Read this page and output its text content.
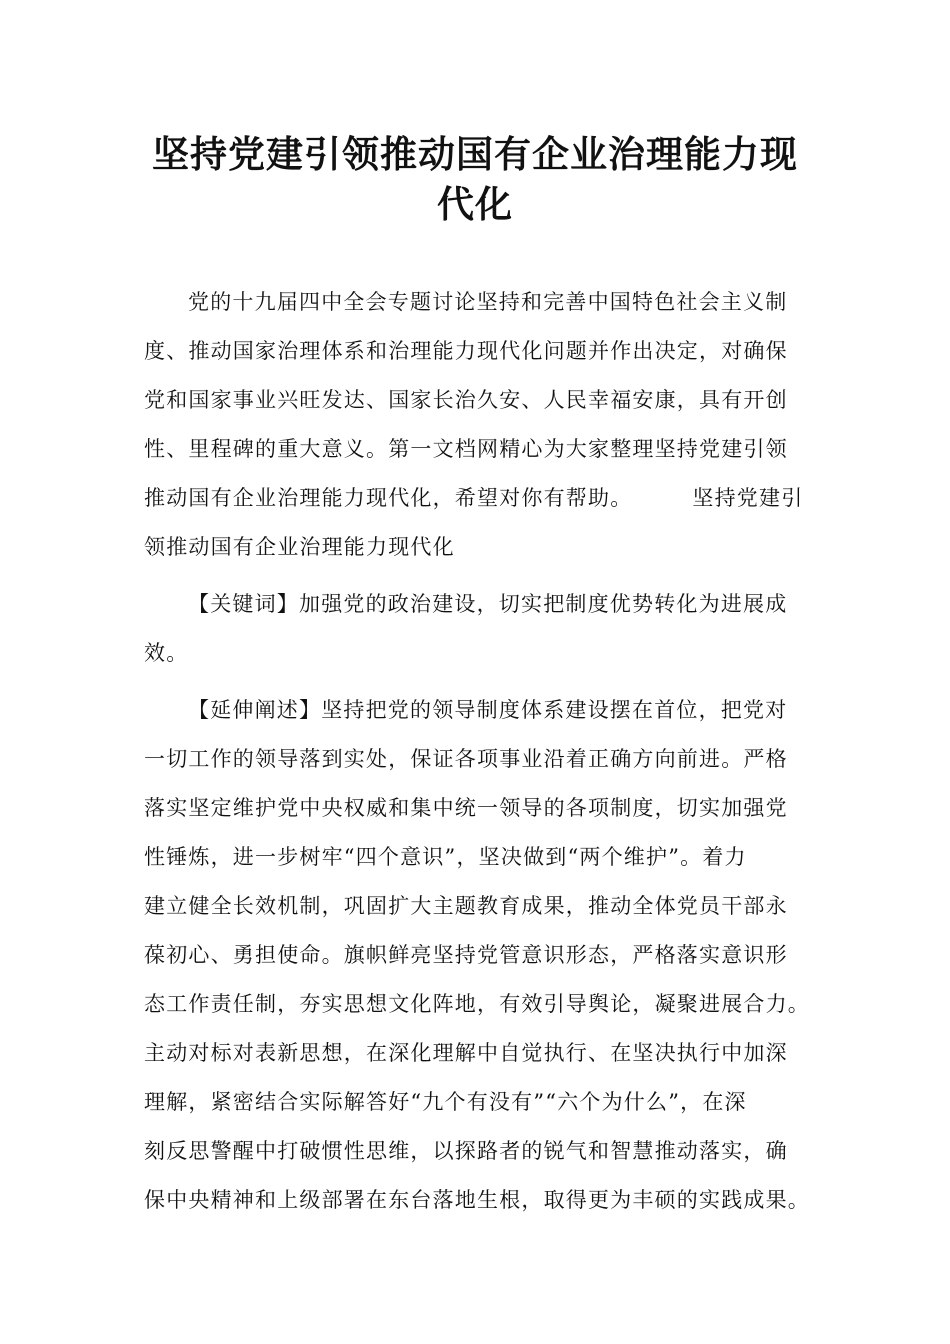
坚持党建引领推动国有企业治理能力现
代化
党的十九届四中全会专题讨论坚持和完善中国特色社会主义制
度、推动国家治理体系和治理能力现代化问题并作出决定，对确保
党和国家事业兴旺发达、国家长治久安、人民幸福安康，具有开创
性、里程碑的重大意义。第一文档网精心为大家整理坚持党建引领
推动国有企业治理能力现代化，希望对你有帮助。	坚持党建引
领推动国有企业治理能力现代化
【关键词】加强党的政治建设，切实把制度优势转化为进展成
效。
【延伸阐述】坚持把党的领导制度体系建设摆在首位，把党对
一切工作的领导落到实处，保证各项事业沿着正确方向前进。严格
落实坚定维护党中央权威和集中统一领导的各项制度，切实加强党
性锤炼，进一步树牢“四个意识”，坚决做到“两个维护”。着力
建立健全长效机制，巩固扩大主题教育成果，推动全体党员干部永
葆初心、勇担使命。旗帜鲜亮坚持党管意识形态，严格落实意识形
态工作责任制，夯实思想文化阵地，有效引导舆论，凝聚进展合力。
主动对标对表新思想，在深化理解中自觉执行、在坚决执行中加深
理解，紧密结合实际解答好“九个有没有”“六个为什么”，在深
刻反思警醒中打破惯性思维，以探路者的锐气和智慧推动落实，确
保中央精神和上级部署在东台落地生根，取得更为丰硕的实践成果。
